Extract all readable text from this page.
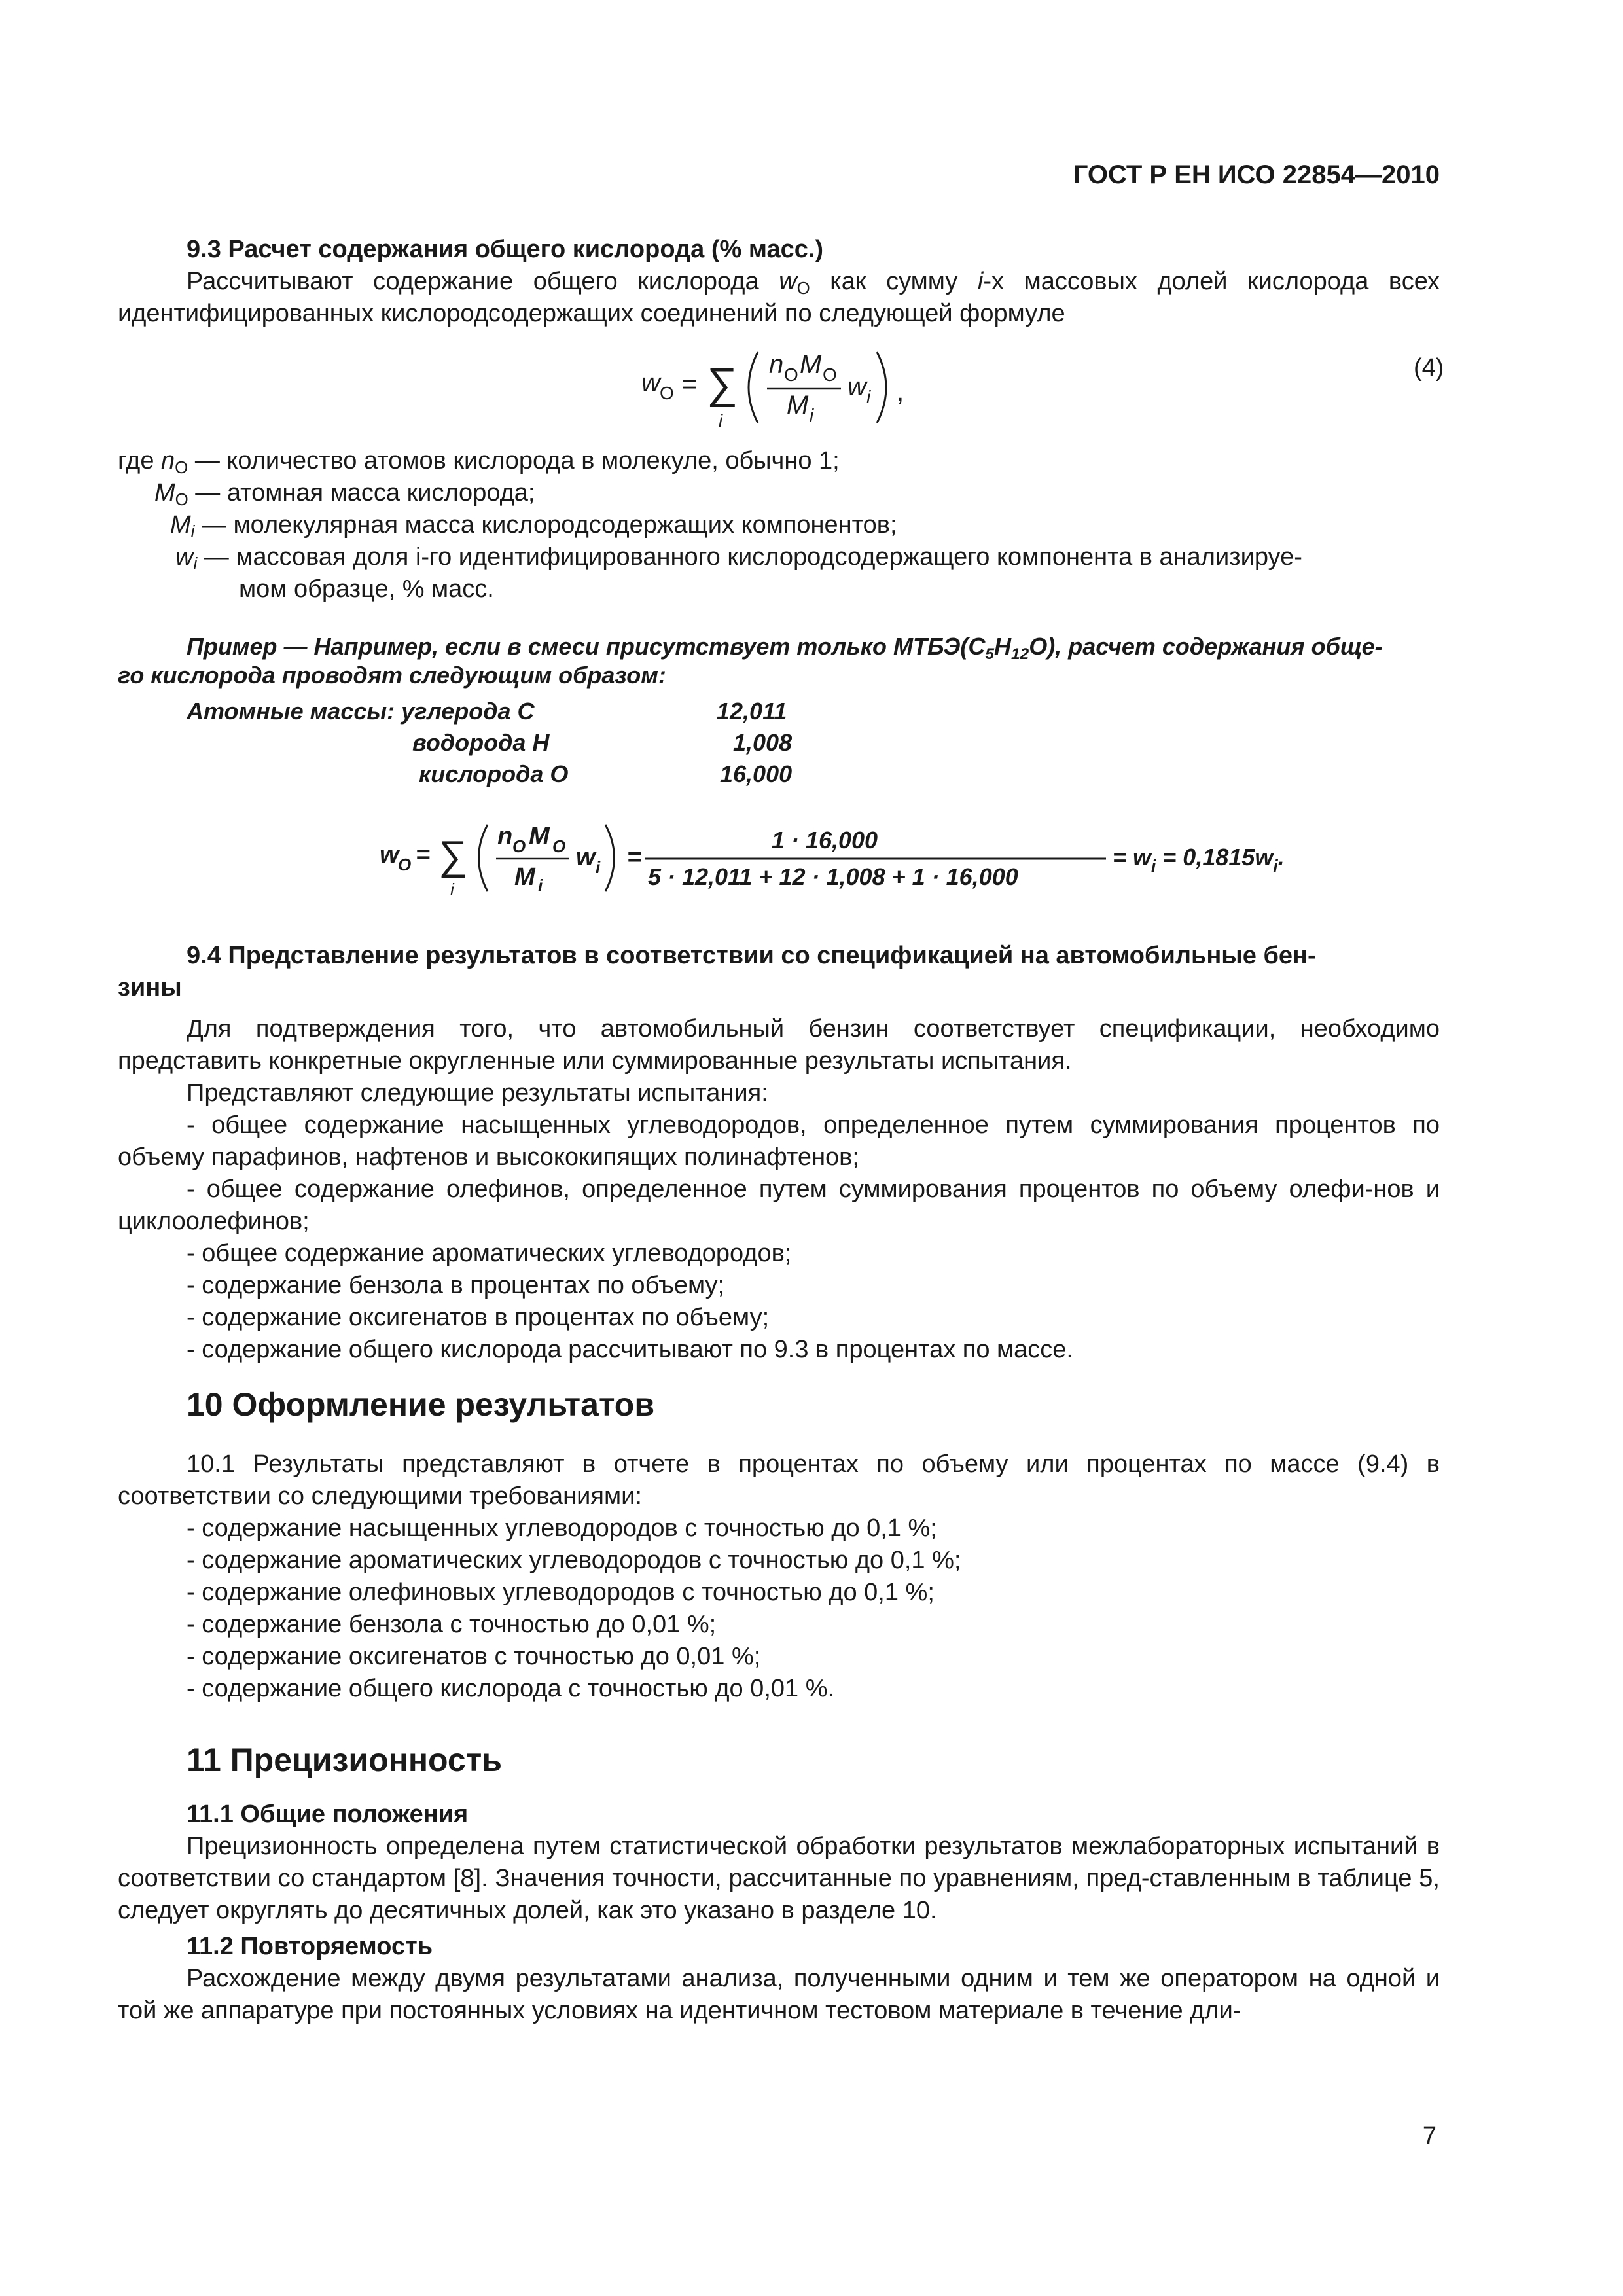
ГОСТ Р ЕН ИСО 22854—2010
9.3 Расчет содержания общего кислорода (% масс.)

Рассчитывают содержание общего кислорода $w_O$ как сумму i-х массовых долей кислорода всех идентифицированных кислородсодержащих соединений по следующей формуле

w O = ∑
i
n O M O
M i
w i ,
(4)
где $n_O$ — количество атомов кислорода в молекуле, обычно 1;
$M_O$ — атомная масса кислорода;
$M_i$ — молекулярная масса кислородсодержащих компонентов;
$w_i$ — массовая доля i-го идентифицированного кислородсодержащего компонента в анализируе-
мом образце, % масс.
Пример — Например, если в смеси присутствует только $МТБЭ(C_5H_{12}O)$, расчет содержания обще-
го кислорода проводят следующим образом:
Атомные массы: углерода C	12,011
водорода H	1,008
кислорода O	16,000
w
O = ∑
i
n O M O
M i
w i =
1 · 16,000
5 · 12,011 + 12 · 1,008 + 1 · 16,000
= $w_i = 0,1815w_i$.
9.4 Представление результатов в соответствии со спецификацией на автомобильные бен-
зины

Для подтверждения того, что автомобильный бензин соответствует спецификации, необходимо представить конкретные округленные или суммированные результаты испытания.

Представляют следующие результаты испытания:

- общее содержание насыщенных углеводородов, определенное путем суммирования процентов по объему парафинов, нафтенов и высококипящих полинафтенов;

- общее содержание олефинов, определенное путем суммирования процентов по объему олефи-нов и циклоолефинов;

- общее содержание ароматических углеводородов;

- содержание бензола в процентах по объему;

- содержание оксигенатов в процентах по объему;

- содержание общего кислорода рассчитывают по 9.3 в процентах по массе.

10 Оформление результатов

10.1 Результаты представляют в отчете в процентах по объему или процентах по массе (9.4) в соответствии со следующими требованиями:

- содержание насыщенных углеводородов с точностью до 0,1 %;

- содержание ароматических углеводородов с точностью до 0,1 %;

- содержание олефиновых углеводородов с точностью до 0,1 %;

- содержание бензола с точностью до 0,01 %;

- содержание оксигенатов с точностью до 0,01 %;

- содержание общего кислорода с точностью до 0,01 %.

11 Прецизионность
11.1 Общие положения

Прецизионность определена путем статистической обработки результатов межлабораторных испытаний в соответствии со стандартом [8]. Значения точности, рассчитанные по уравнениям, пред-ставленным в таблице 5, следует округлять до десятичных долей, как это указано в разделе 10.

11.2 Повторяемость

Расхождение между двумя результатами анализа, полученными одним и тем же оператором на одной и той же аппаратуре при постоянных условиях на идентичном тестовом материале в течение дли-

7
